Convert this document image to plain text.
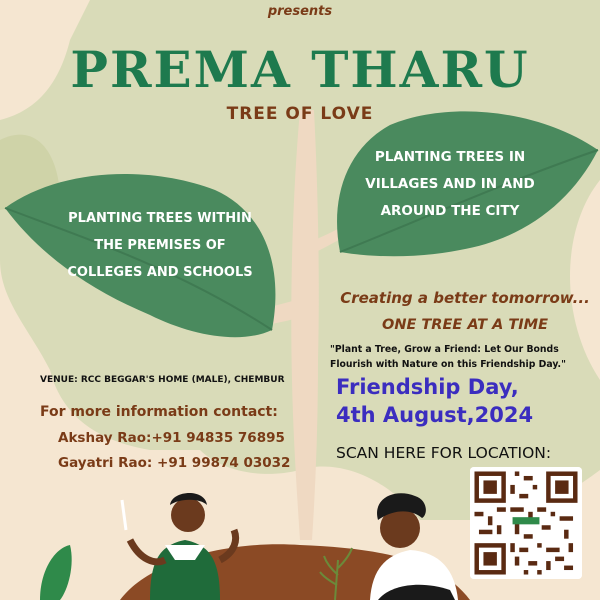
presents
PREMA THARU
TREE OF LOVE
PLANTING TREES WITHIN
THE PREMISES OF
COLLEGES AND SCHOOLS
PLANTING TREES IN
VILLAGES AND IN AND
AROUND THE CITY
Creating a better tomorrow...
ONE TREE AT A TIME
"Plant a Tree, Grow a Friend: Let Our Bonds
Flourish with Nature on this Friendship Day."
Friendship Day,
4th August,2024
VENUE: RCC BEGGAR'S HOME (MALE), CHEMBUR
For more information contact:
Akshay Rao:+91 94835 76895
Gayatri Rao: +91 99874 03032
SCAN HERE FOR LOCATION:
